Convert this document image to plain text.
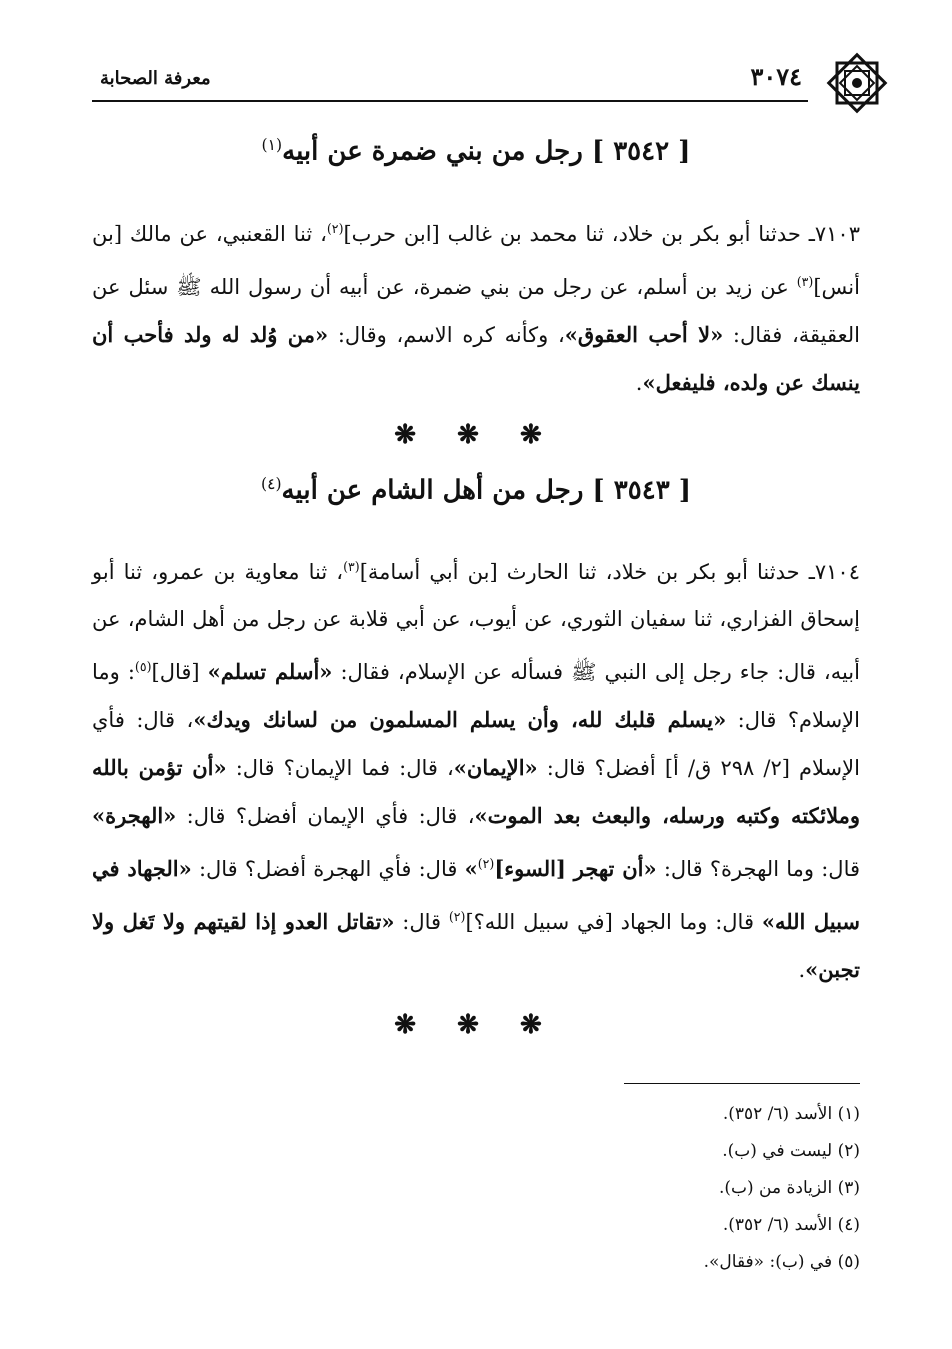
٣٠٧٤
معرفة الصحابة
[ ٣٥٤٢ ] رجل من بني ضمرة عن أبيه$^{(١)}$
٧١٠٣ـ حدثنا أبو بكر بن خلاد، ثنا محمد بن غالب [ابن حرب]$^{(٢)}$، ثنا القعنبي، عن مالك [بن أنس]$^{(٣)}$ عن زيد بن أسلم، عن رجل من بني ضمرة، عن أبيه أن رسول الله ﷺ سئل عن العقيقة، فقال: «لا أحب العقوق»، وكأنه كره الاسم، وقال: «من وُلد له ولد فأحب أن ينسك عن ولده، فليفعل».
❋ ❋ ❋
[ ٣٥٤٣ ] رجل من أهل الشام عن أبيه$^{(٤)}$
٧١٠٤ـ حدثنا أبو بكر بن خلاد، ثنا الحارث [بن أبي أسامة]$^{(٣)}$، ثنا معاوية بن عمرو، ثنا أبو إسحاق الفزاري، ثنا سفيان الثوري، عن أيوب، عن أبي قلابة عن رجل من أهل الشام، عن أبيه، قال: جاء رجل إلى النبي ﷺ فسأله عن الإسلام، فقال: «أسلم تسلم» [قال]$^{(٥)}$: وما الإسلام؟ قال: «يسلم قلبك لله، وأن يسلم المسلمون من لسانك ويدك»، قال: فأي الإسلام [٢/ ٢٩٨ ق/ أ] أفضل؟ قال: «الإيمان»، قال: فما الإيمان؟ قال: «أن تؤمن بالله وملائكته وكتبه ورسله، والبعث بعد الموت»، قال: فأي الإيمان أفضل؟ قال: «الهجرة» قال: وما الهجرة؟ قال: «أن تهجر [السوء]$^{(٢)}$» قال: فأي الهجرة أفضل؟ قال: «الجهاد في سبيل الله» قال: وما الجهاد [في سبيل الله؟]$^{(٢)}$ قال: «تقاتل العدو إذا لقيتهم ولا تَغل ولا تجبن».
❋ ❋ ❋
(١) الأسد (٦/ ٣٥٢).
(٢) ليست في (ب).
(٣) الزيادة من (ب).
(٤) الأسد (٦/ ٣٥٢).
(٥) في (ب): «فقال».
